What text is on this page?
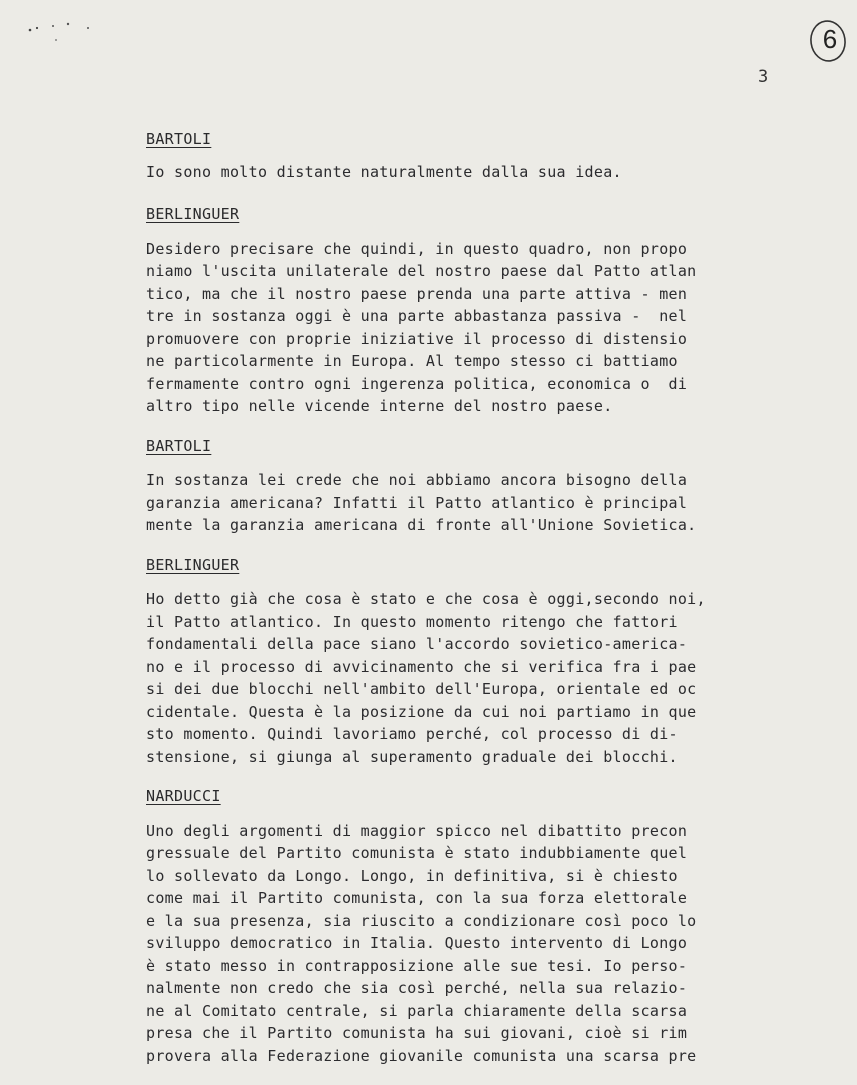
6
3
BARTOLI
Io sono molto distante naturalmente dalla sua idea.
BERLINGUER
Desidero precisare che quindi, in questo quadro, non propo
niamo l'uscita unilaterale del nostro paese dal Patto atlan
tico, ma che il nostro paese prenda una parte attiva - men
tre in sostanza oggi è una parte abbastanza passiva -  nel
promuovere con proprie iniziative il processo di distensio
ne particolarmente in Europa. Al tempo stesso ci battiamo
fermamente contro ogni ingerenza politica, economica o  di
altro tipo nelle vicende interne del nostro paese.
BARTOLI
In sostanza lei crede che noi abbiamo ancora bisogno della
garanzia americana? Infatti il Patto atlantico è principal
mente la garanzia americana di fronte all'Unione Sovietica.
BERLINGUER
Ho detto già che cosa è stato e che cosa è oggi,secondo noi,
il Patto atlantico. In questo momento ritengo che fattori
fondamentali della pace siano l'accordo sovietico-america-
no e il processo di avvicinamento che si verifica fra i pae
si dei due blocchi nell'ambito dell'Europa, orientale ed oc
cidentale. Questa è la posizione da cui noi partiamo in que
sto momento. Quindi lavoriamo perché, col processo di di-
stensione, si giunga al superamento graduale dei blocchi.
NARDUCCI
Uno degli argomenti di maggior spicco nel dibattito precon
gressuale del Partito comunista è stato indubbiamente quel
lo sollevato da Longo. Longo, in definitiva, si è chiesto
come mai il Partito comunista, con la sua forza elettorale
e la sua presenza, sia riuscito a condizionare così poco lo
sviluppo democratico in Italia. Questo intervento di Longo
è stato messo in contrapposizione alle sue tesi. Io perso-
nalmente non credo che sia così perché, nella sua relazio-
ne al Comitato centrale, si parla chiaramente della scarsa
presa che il Partito comunista ha sui giovani, cioè si rim
provera alla Federazione giovanile comunista una scarsa pre
